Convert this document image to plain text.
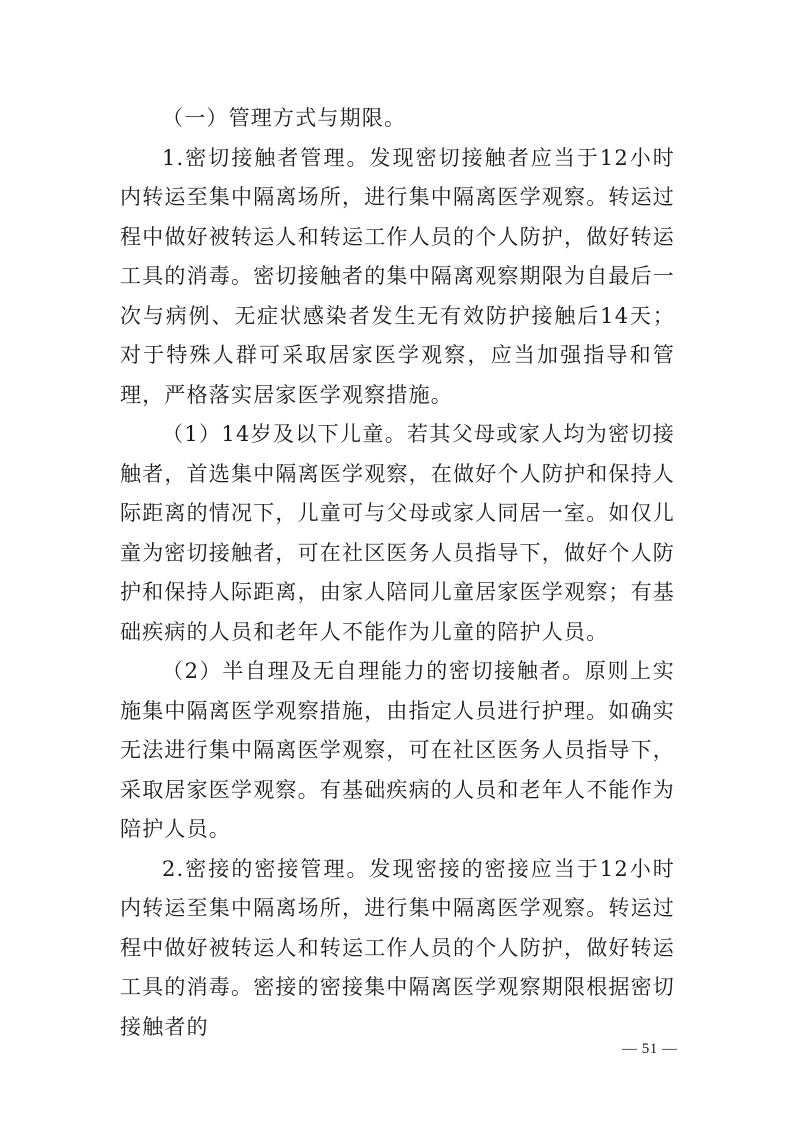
（一）管理方式与期限。

1.密切接触者管理。发现密切接触者应当于12小时内转运至集中隔离场所，进行集中隔离医学观察。转运过程中做好被转运人和转运工作人员的个人防护，做好转运工具的消毒。密切接触者的集中隔离观察期限为自最后一次与病例、无症状感染者发生无有效防护接触后14天；对于特殊人群可采取居家医学观察，应当加强指导和管理，严格落实居家医学观察措施。

（1）14岁及以下儿童。若其父母或家人均为密切接触者，首选集中隔离医学观察，在做好个人防护和保持人际距离的情况下，儿童可与父母或家人同居一室。如仅儿童为密切接触者，可在社区医务人员指导下，做好个人防护和保持人际距离，由家人陪同儿童居家医学观察；有基础疾病的人员和老年人不能作为儿童的陪护人员。

（2）半自理及无自理能力的密切接触者。原则上实施集中隔离医学观察措施，由指定人员进行护理。如确实无法进行集中隔离医学观察，可在社区医务人员指导下，采取居家医学观察。有基础疾病的人员和老年人不能作为陪护人员。

2.密接的密接管理。发现密接的密接应当于12小时内转运至集中隔离场所，进行集中隔离医学观察。转运过程中做好被转运人和转运工作人员的个人防护，做好转运工具的消毒。密接的密接集中隔离医学观察期限根据密切接触者的

— 51 —
